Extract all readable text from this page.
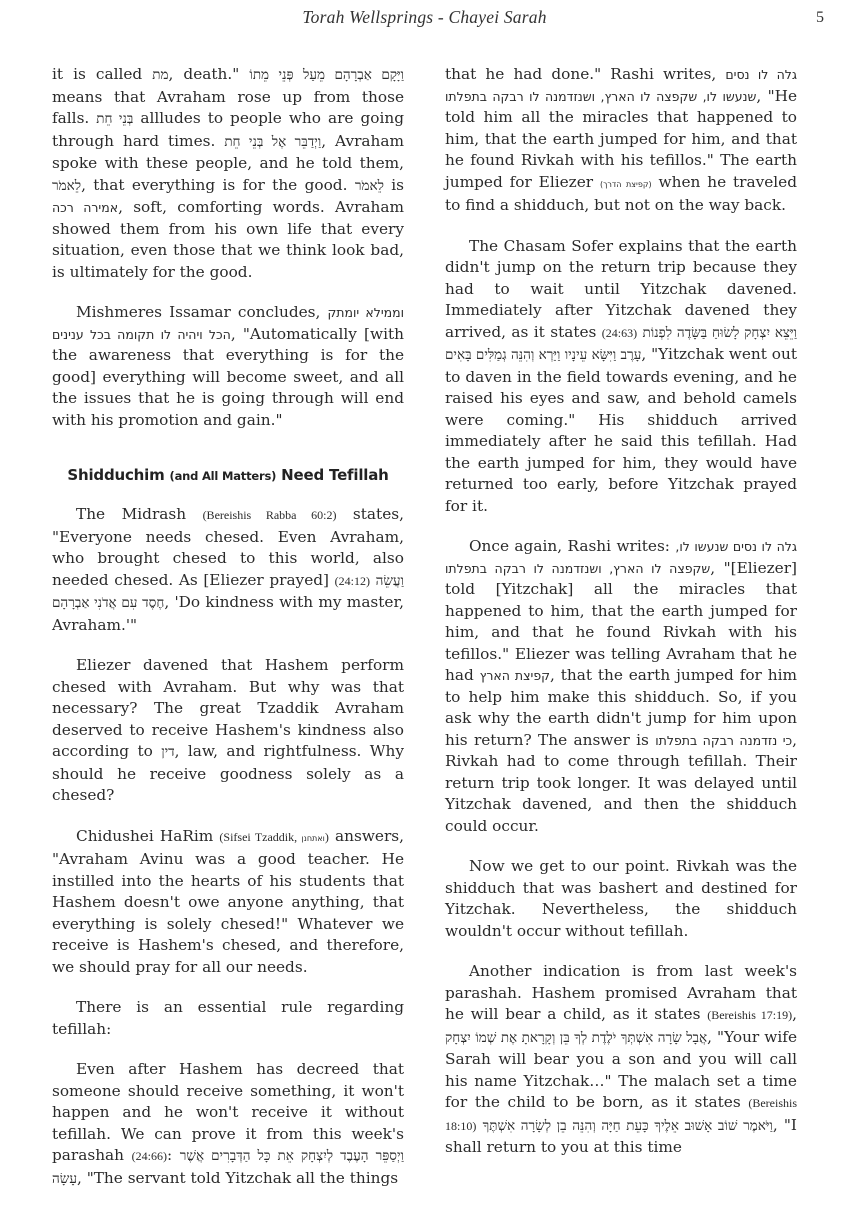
Torah Wellsprings - Chayei Sarah	5

it is called מת, death." וַיָּקָם אַבְרָהָם מֵעַל פְּנֵי מֵתוֹ means that Avraham rose up from those falls. בְּנֵי חֵת allludes to people who are going through hard times. וַיְדַבֵּר אֶל בְּנֵי חֵת, Avraham spoke with these people, and he told them, לֵאמֹר, that everything is for the good. לֵאמֹר is אמירה רכה, soft, comforting words. Avraham showed them from his own life that every situation, even those that we think look bad, is ultimately for the good.

Mishmeres Issamar concludes, וממילא יומתק הכל ויהיה לו תקומה בכל ענינים, "Automatically [with the awareness that everything is for the good] everything will become sweet, and all the issues that he is going through will end with his promotion and gain."

Shidduchim (and All Matters) Need Tefillah

The Midrash (Bereishis Rabba 60:2) states, "Everyone needs chesed. Even Avraham, who brought chesed to this world, also needed chesed. As [Eliezer prayed] (24:12) וַעֲשֵׂה חֶסֶד עִם אֲדֹנִי אַבְרָהָם, 'Do kindness with my master, Avraham.'"

Eliezer davened that Hashem perform chesed with Avraham. But why was that necessary? The great Tzaddik Avraham deserved to receive Hashem's kindness also according to דין, law, and rightfulness. Why should he receive goodness solely as a chesed?

Chidushei HaRim (Sifsei Tzaddik, ואתחנן) answers, "Avraham Avinu was a good teacher. He instilled into the hearts of his students that Hashem doesn't owe anyone anything, that everything is solely chesed!" Whatever we receive is Hashem's chesed, and therefore, we should pray for all our needs.

There is an essential rule regarding tefillah:

Even after Hashem has decreed that someone should receive something, it won't happen and he won't receive it without tefillah. We can prove it from this week's parashah (24:66): וַיְסַפֵּר הָעֶבֶד לְיִצְחָק אֵת כָּל הַדְּבָרִים אֲשֶׁר עָשָׂה, "The servant told Yitzchak all the things

that he had done." Rashi writes, גלה לו נסים שנעשו לו, שקפצה לו הארץ, ושנזדמנה לו רבקה בתפלתו, "He told him all the miracles that happened to him, that the earth jumped for him, and that he found Rivkah with his tefillos." The earth jumped for Eliezer (קפיצת הדרך) when he traveled to find a shidduch, but not on the way back.

The Chasam Sofer explains that the earth didn't jump on the return trip because they had to wait until Yitzchak davened. Immediately after Yitzchak davened they arrived, as it states (24:63) וַיֵּצֵא יִצְחָק לָשׂוּחַ בַּשָּׂדֶה לִפְנוֹת עָרֶב וַיִּשָּׂא עֵינָיו וַיַּרְא וְהִנֵּה גְמַלִּים בָּאִים, "Yitzchak went out to daven in the field towards evening, and he raised his eyes and saw, and behold camels were coming." His shidduch arrived immediately after he said this tefillah. Had the earth jumped for him, they would have returned too early, before Yitzchak prayed for it.

Once again, Rashi writes: גלה לו נסים שנעשו לו, שקפצה לו הארץ, ושנזדמנה לו רבקה בתפלתו, "[Eliezer] told [Yitzchak] all the miracles that happened to him, that the earth jumped for him, and that he found Rivkah with his tefillos." Eliezer was telling Avraham that he had קפיצת הארץ, that the earth jumped for him to help him make this shidduch. So, if you ask why the earth didn't jump for him upon his return? The answer is כי נזדמנה רבקה בתפלתו, Rivkah had to come through tefillah. Their return trip took longer. It was delayed until Yitzchak davened, and then the shidduch could occur.

Now we get to our point. Rivkah was the shidduch that was bashert and destined for Yitzchak. Nevertheless, the shidduch wouldn't occur without tefillah.

Another indication is from last week's parashah. Hashem promised Avraham that he will bear a child, as it states (Bereishis 17:19), אֲבָל שָׂרָה אִשְׁתְּךָ יֹלֶדֶת לְךָ בֵּן וְקָרָאתָ אֶת שְׁמוֹ יִצְחָק, "Your wife Sarah will bear you a son and you will call his name Yitzchak…" The malach set a time for the child to be born, as it states (Bereishis 18:10) וַיֹּאמֶר שׁוֹב אָשׁוּב אֵלֶיךָ כָּעֵת חַיָּה וְהִנֵּה בֵן לְשָׂרָה אִשְׁתֶּךָ, "I shall return to you at this time
